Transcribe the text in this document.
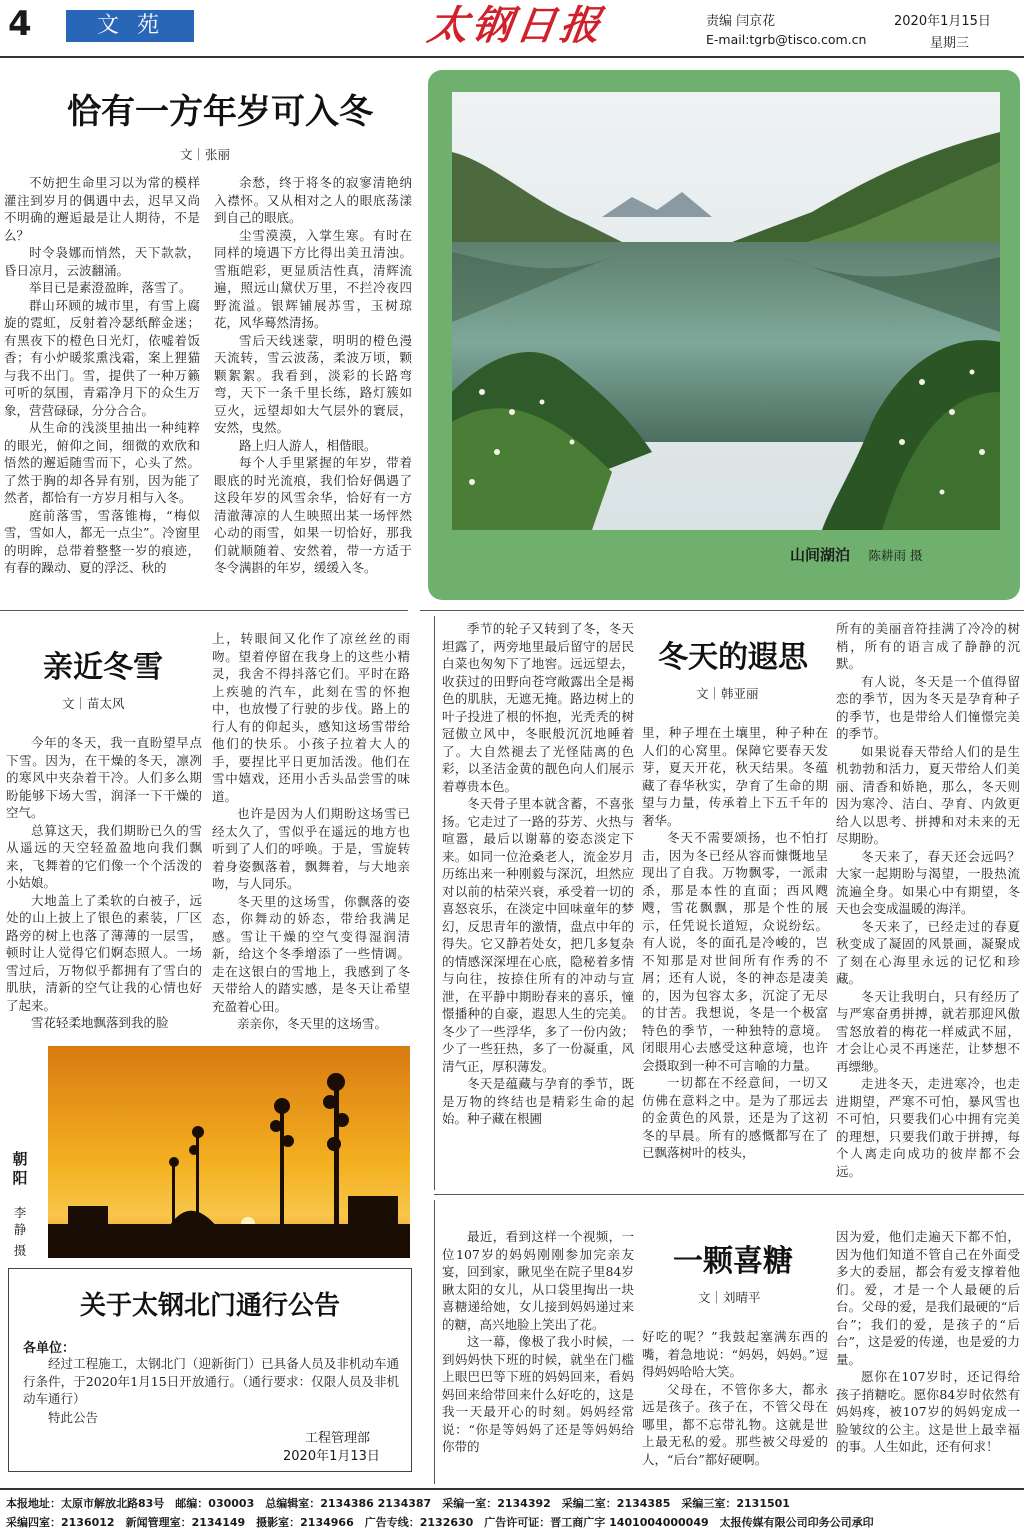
4	文苑	太钢日报	责编 闫京花
E-mail:tgrb@tisco.com.cn
2020年1月15日
星期三
恰有一方年岁可入冬
文｜张丽

不妨把生命里习以为常的模样灌注到岁月的偶遇中去，迟早又尚不明确的邂逅最是让人期待，不是么？

时令袅娜而悄然，天下款款，昏日凉月，云波翻涌。

举目已是素澄盈眸，落雪了。

群山环顾的城市里，有雪上腐旋的霓虹，反射着冷瑟纸醉金迷；有黑夜下的橙色日光灯，依嘘着饭香；有小炉暖浆熏浅霜，案上狸猫与我不出门。雪，提供了一种万籁可听的氛围，青霜净月下的众生万象，营营碌碌，分分合合。

从生命的浅淡里抽出一种纯粹的眼光，俯仰之间，细微的欢欣和悟然的邂逅随雪而下，心头了然。了然于胸的却各异有别，因为能了然者，都恰有一方岁月相与入冬。

庭前落雪，雪落锥梅，“梅似雪，雪如人，都无一点尘”。冷窗里的明眸，总带着整整一岁的痕迹，有春的躁动、夏的浮泛、秋的

余愁，终于将冬的寂寥清艳纳入襟怀。又从相对之人的眼底荡漾到自己的眼底。

尘雪漠漠，入掌生寒。有时在同样的境遇下方比得出美丑清浊。雪瓶皑彩，更显质洁性真，清辉流遍，照远山黛伏万里，不拦冷夜四野流溢。银辉铺展苏雪，玉树琼花，风华蓦然清扬。

雪后天线迷蒙，明明的橙色漫天流转，雪云波荡，柔波万顷，颗颗絮絮。我看到，淡彩的长路弯弯，天下一条千里长练，路灯簇如豆火，远望却如大气层外的寰辰，安然，曳然。

路上归人游人，相偕眼。

每个人手里紧握的年岁，带着眼底的时光流痕，我们恰好偶遇了这段年岁的风雪余华，恰好有一方清澈薄凉的人生映照出某一场怦然心动的雨雪，如果一切恰好，那我们就顺随着、安然着，带一方适于冬令满斟的年岁，缓缓入冬。

山间湖泊 陈耕雨 摄
亲近冬雪
文｜苗太风

今年的冬天，我一直盼望早点下雪。因为，在干燥的冬天，凛冽的寒风中夹杂着干冷。人们多么期盼能够下场大雪，润泽一下干燥的空气。

总算这天，我们期盼已久的雪从遥远的天空轻盈盈地向我们飘来，飞舞着的它们像一个个活泼的小姑娘。

大地盖上了柔软的白被子，远处的山上披上了银色的素装，厂区路旁的树上也落了薄薄的一层雪，顿时让人觉得它们婀态照人。一场雪过后，万物似乎都拥有了雪白的肌肤，清新的空气让我的心情也好了起来。

雪花轻柔地飘落到我的脸

上，转眼间又化作了凉丝丝的雨吻。望着停留在我身上的这些小精灵，我舍不得抖落它们。平时在路上疾驰的汽车，此刻在雪的怀抱中，也放慢了行驶的步伐。路上的行人有的仰起头，感知这场雪带给他们的快乐。小孩子拉着大人的手，要捏比平日更加活泼。他们在雪中嬉戏，还用小舌头品尝雪的味道。

也许是因为人们期盼这场雪已经太久了，雪似乎在遥远的地方也听到了人们的呼唤。于是，雪旋转着身姿飘落着，飘舞着，与大地亲吻，与人同乐。

冬天里的这场雪，你飘落的姿态，你舞动的娇态，带给我满足感。雪让干燥的空气变得湿润清新，给这个冬季增添了一些情调。走在这银白的雪地上，我感到了冬天带给人的踏实感，是冬天让希望充盈着心田。

亲亲你，冬天里的这场雪。

朝阳
李静
摄

季节的轮子又转到了冬，冬天坦露了，两旁地里最后留守的居民白菜也匆匆下了地窖。远远望去，收获过的田野向苍穹敞露出全是褐色的肌肤，无遮无掩。路边树上的叶子投进了根的怀抱，光秃秃的树冠傲立风中，冬眠般沉沉地睡着了。大自然褪去了光怪陆离的色彩，以圣洁金黄的靓色向人们展示着尊贵本色。

冬天骨子里本就含蓄，不喜张扬。它走过了一路的芬芳、火热与喧嚣，最后以谢幕的姿态淡定下来。如同一位沧桑老人，流金岁月历练出来一种刚毅与深沉，坦然应对以前的枯荣兴衰，承受着一切的喜怒哀乐，在淡定中回味童年的梦幻，反思青年的激情，盘点中年的得失。它又静若处女，把几多复杂的情感深深埋在心底，隐秘着多情与向往，按捺住所有的冲动与宣泄，在平静中期盼春来的喜乐，憧憬播种的自豪，遐思人生的完美。冬少了一些浮华，多了一份内敛；少了一些狂热，多了一份凝重，风清气正，厚积薄发。

冬天是蕴藏与孕育的季节，既是万物的终结也是精彩生命的起始。种子藏在根圃

冬天的遐思
文｜韩亚丽

里，种子埋在土壤里，种子种在人们的心窝里。保障它要春天发芽，夏天开花，秋天结果。冬蕴藏了春华秋实，孕育了生命的期望与力量，传承着上下五千年的奢华。

冬天不需要颂扬，也不怕打击，因为冬已经从容而慷慨地呈现出了自我。万物飘零，一派肃杀，那是本性的直面；西风飕飕，雪花飘飘，那是个性的展示，任凭说长道短，众说纷纭。有人说，冬的面孔是冷峻的，岂不知那是对世间所有作秀的不屑；还有人说，冬的神态是凄美的，因为包容太多，沉淀了无尽的甘苦。我想说，冬是一个极富特色的季节，一种独特的意境。闭眼用心去感受这种意境，也许会摄取到一种不可言喻的力量。

一切都在不经意间，一切又仿佛在意料之中。是为了那远去的金黄色的风景，还是为了这初冬的早晨。所有的感慨都写在了已飘落树叶的枝头，

所有的美丽音符挂满了冷冷的树梢，所有的语言成了静静的沉默。

有人说，冬天是一个值得留恋的季节，因为冬天是孕育种子的季节，也是带给人们憧憬完美的季节。

如果说春天带给人们的是生机勃勃和活力，夏天带给人们美丽、清香和娇艳，那么，冬天则因为寒冷、洁白、孕育、内敛更给人以思考、拼搏和对未来的无尽期盼。

冬天来了，春天还会远吗？大家一起期盼与渴望，一股热流流遍全身。如果心中有期望，冬天也会变成温暖的海洋。

冬天来了，已经走过的春夏秋变成了凝固的风景画，凝聚成了刻在心海里永远的记忆和珍藏。

冬天让我明白，只有经历了与严寒奋勇拼搏，就若那迎风傲雪怒放着的梅花一样威武不屈，才会让心灵不再迷茫，让梦想不再缥缈。

走进冬天，走进寒冷，也走进期望，严寒不可怕，暴风雪也不可怕，只要我们心中拥有完美的理想，只要我们敢于拼搏，每个人离走向成功的彼岸都不会远。

关于太钢北门通行公告
各单位：

经过工程施工，太钢北门（迎新街门）已具备人员及非机动车通行条件，于2020年1月15日开放通行。（通行要求：仅限人员及非机动车通行）

特此公告

工程管理部
2020年1月13日

最近，看到这样一个视频，一位107岁的妈妈刚刚参加完亲友宴，回到家，瞅见坐在院子里84岁瞅太阳的女儿，从口袋里掏出一块喜糖递给她，女儿接到妈妈递过来的糖，高兴地脸上笑出了花。

这一幕，像极了我小时候，一到妈妈快下班的时候，就坐在门槛上眼巴巴等下班的妈妈回来，看妈妈回来给带回来什么好吃的，这是我一天最开心的时刻。妈妈经常说：“你是等妈妈了还是等妈妈给你带的

一颗喜糖
文｜刘晴平

好吃的呢？”我鼓起塞满东西的嘴，着急地说：“妈妈，妈妈。”逗得妈妈哈哈大笑。

父母在，不管你多大，都永远是孩子。孩子在，不管父母在哪里，都不忘带礼物。这就是世上最无私的爱。那些被父母爱的人，“后台”都好硬啊。

因为爱，他们走遍天下都不怕，因为他们知道不管自己在外面受多大的委屈，都会有爱支撑着他们。爱，才是一个人最硬的后台。父母的爱，是我们最硬的“后台”；我们的爱，是孩子的“后台”，这是爱的传递，也是爱的力量。

愿你在107岁时，还记得给孩子捎糖吃。愿你84岁时依然有妈妈疼，被107岁的妈妈宠成一脸皱纹的公主。这是世上最幸福的事。人生如此，还有何求！

本报地址：太原市解放北路83号　邮编：030003　总编辑室：2134386 2134387　采编一室：2134392　采编二室：2134385　采编三室：2131501
采编四室：2136012　新闻管理室：2134149　摄影室：2134966　广告专线：2132630　广告许可证：晋工商广字 1401004000049　太报传媒有限公司印务公司承印
